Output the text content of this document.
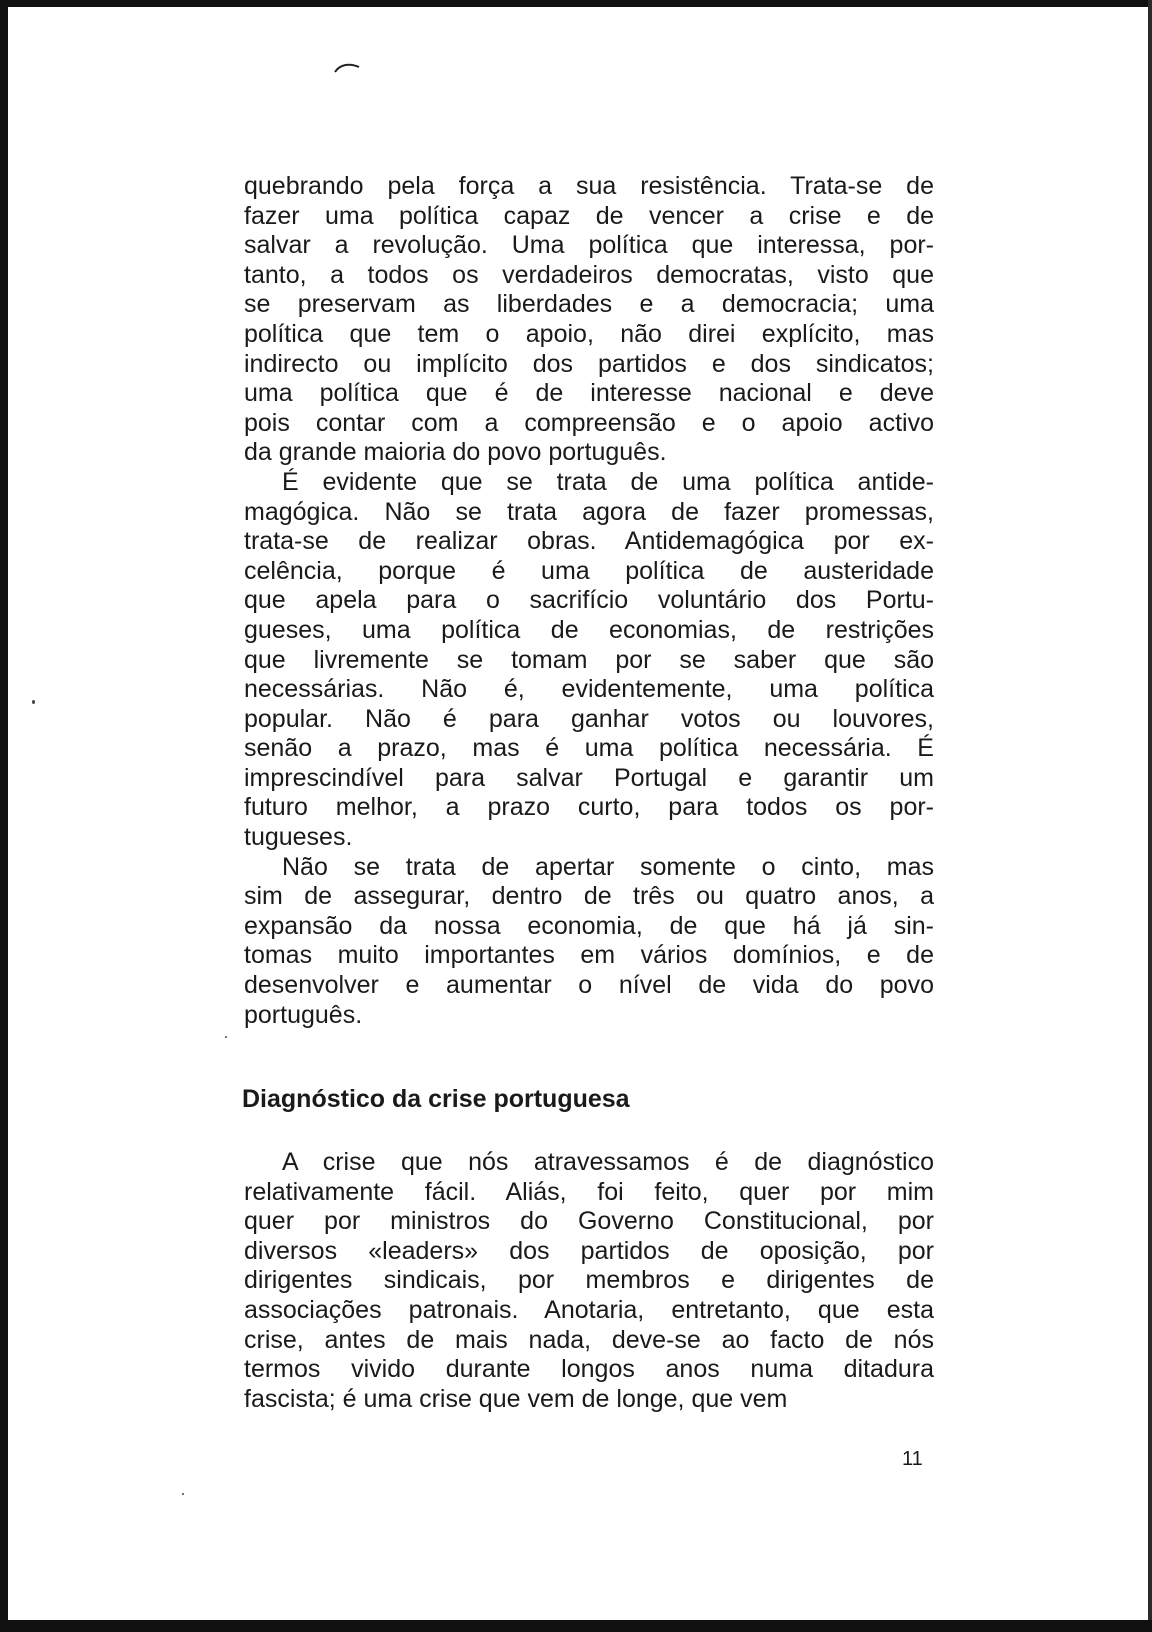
quebrando pela força a sua resistência. Trata-se de
fazer uma política capaz de vencer a crise e de
salvar a revolução. Uma política que interessa, por-
tanto, a todos os verdadeiros democratas, visto que
se preservam as liberdades e a democracia; uma
política que tem o apoio, não direi explícito, mas
indirecto ou implícito dos partidos e dos sindicatos;
uma política que é de interesse nacional e deve
pois contar com a compreensão e o apoio activo
da grande maioria do povo português.
É evidente que se trata de uma política antide-
magógica. Não se trata agora de fazer promessas,
trata-se de realizar obras. Antidemagógica por ex-
celência, porque é uma política de austeridade
que apela para o sacrifício voluntário dos Portu-
gueses, uma política de economias, de restrições
que livremente se tomam por se saber que são
necessárias. Não é, evidentemente, uma política
popular. Não é para ganhar votos ou louvores,
senão a prazo, mas é uma política necessária. É
imprescindível para salvar Portugal e garantir um
futuro melhor, a prazo curto, para todos os por-
tugueses.
Não se trata de apertar somente o cinto, mas
sim de assegurar, dentro de três ou quatro anos, a
expansão da nossa economia, de que há já sin-
tomas muito importantes em vários domínios, e de
desenvolver e aumentar o nível de vida do povo
português.
Diagnóstico da crise portuguesa
A crise que nós atravessamos é de diagnóstico
relativamente fácil. Aliás, foi feito, quer por mim
quer por ministros do Governo Constitucional, por
diversos «leaders» dos partidos de oposição, por
dirigentes sindicais, por membros e dirigentes de
associações patronais. Anotaria, entretanto, que esta
crise, antes de mais nada, deve-se ao facto de nós
termos vivido durante longos anos numa ditadura
fascista; é uma crise que vem de longe, que vem
11
